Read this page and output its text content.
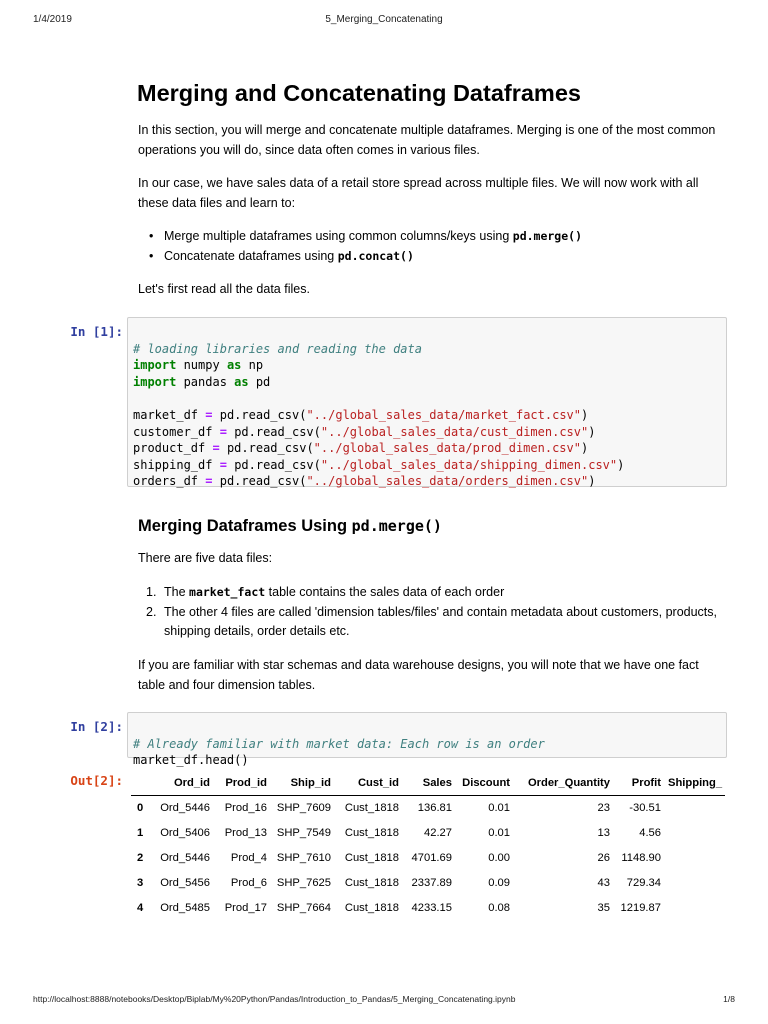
1/4/2019	5_Merging_Concatenating
Merging and Concatenating Dataframes

In this section, you will merge and concatenate multiple dataframes. Merging is one of the most common operations you will do, since data often comes in various files.

In our case, we have sales data of a retail store spread across multiple files. We will now work with all these data files and learn to:

• Merge multiple dataframes using common columns/keys using pd.merge()
• Concatenate dataframes using pd.concat()

Let's first read all the data files.

In [1]:

# loading libraries and reading the data
import numpy as np
import pandas as pd

market_df = pd.read_csv("../global_sales_data/market_fact.csv")
customer_df = pd.read_csv("../global_sales_data/cust_dimen.csv")
product_df = pd.read_csv("../global_sales_data/prod_dimen.csv")
shipping_df = pd.read_csv("../global_sales_data/shipping_dimen.csv")
orders_df = pd.read_csv("../global_sales_data/orders_dimen.csv")
Merging Dataframes Using pd.merge()

There are five data files:

1. The market_fact table contains the sales data of each order
2. The other 4 files are called 'dimension tables/files' and contain metadata about customers, products, shipping details, order details etc.

If you are familiar with star schemas and data warehouse designs, you will note that we have one fact table and four dimension tables.

In [2]:

# Already familiar with market data: Each row is an order
market_df.head()
Out[2]:
		Ord_id	Prod_id	Ship_id	Cust_id	Sales	Discount	Order_Quantity	Profit	Shipping_
0	Ord_5446	Prod_16	SHP_7609	Cust_1818	136.81	0.01	23	-30.51	
1	Ord_5406	Prod_13	SHP_7549	Cust_1818	42.27	0.01	13	4.56	
2	Ord_5446	Prod_4	SHP_7610	Cust_1818	4701.69	0.00	26	1148.90	
3	Ord_5456	Prod_6	SHP_7625	Cust_1818	2337.89	0.09	43	729.34	
4	Ord_5485	Prod_17	SHP_7664	Cust_1818	4233.15	0.08	35	1219.87	
http://localhost:8888/notebooks/Desktop/Biplab/My%20Python/Pandas/Introduction_to_Pandas/5_Merging_Concatenating.ipynb	1/8
